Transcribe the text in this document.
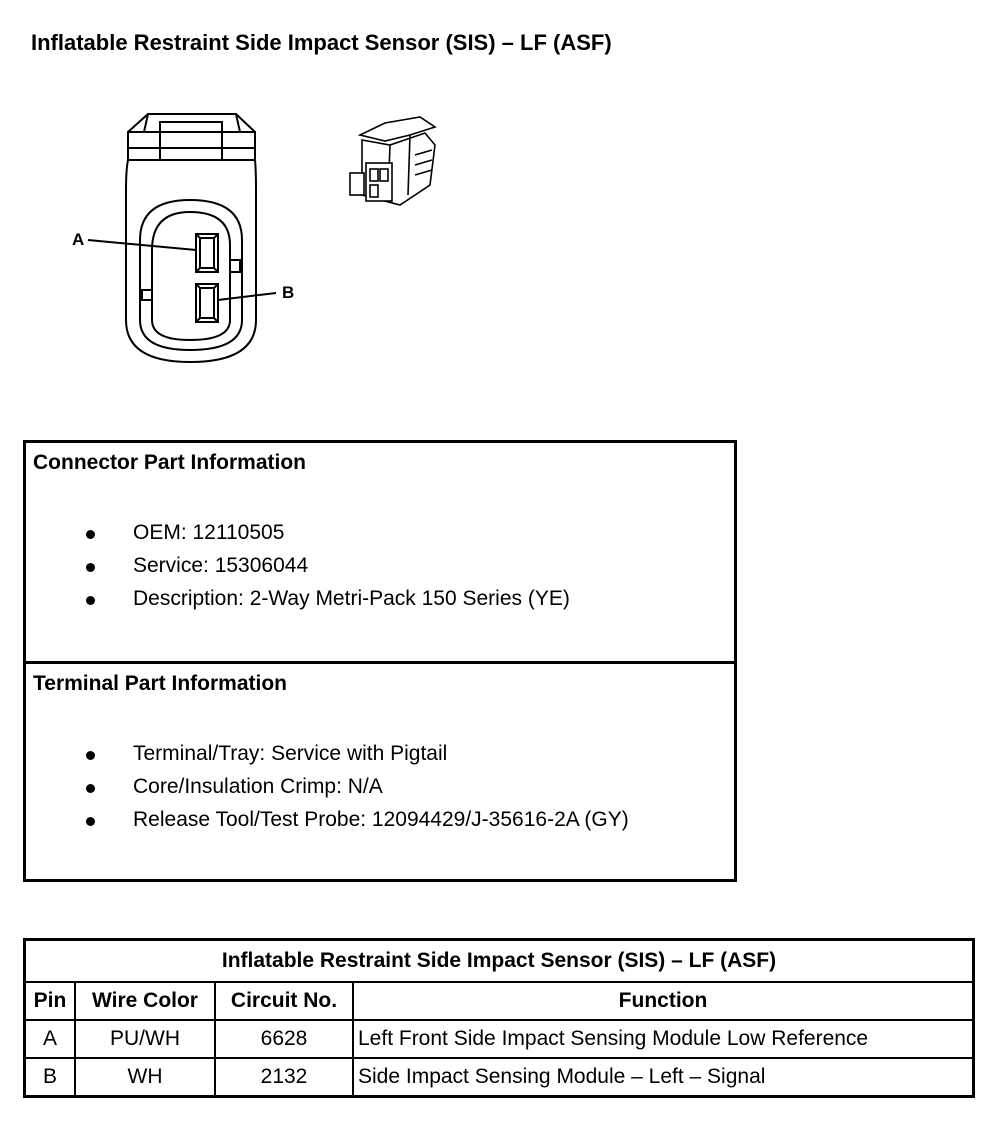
Inflatable Restraint Side Impact Sensor (SIS) – LF (ASF)
A
B
Connector Part Information
OEM: 12110505
Service: 15306044
Description: 2-Way Metri-Pack 150 Series (YE)
Terminal Part Information
Terminal/Tray: Service with Pigtail
Core/Insulation Crimp: N/A
Release Tool/Test Probe: 12094429/J-35616-2A (GY)
Inflatable Restraint Side Impact Sensor (SIS) – LF (ASF)			
Pin	Wire Color	Circuit No.	Function
A	PU/WH	6628	Left Front Side Impact Sensing Module Low Reference
B	WH	2132	Side Impact Sensing Module – Left – Signal
